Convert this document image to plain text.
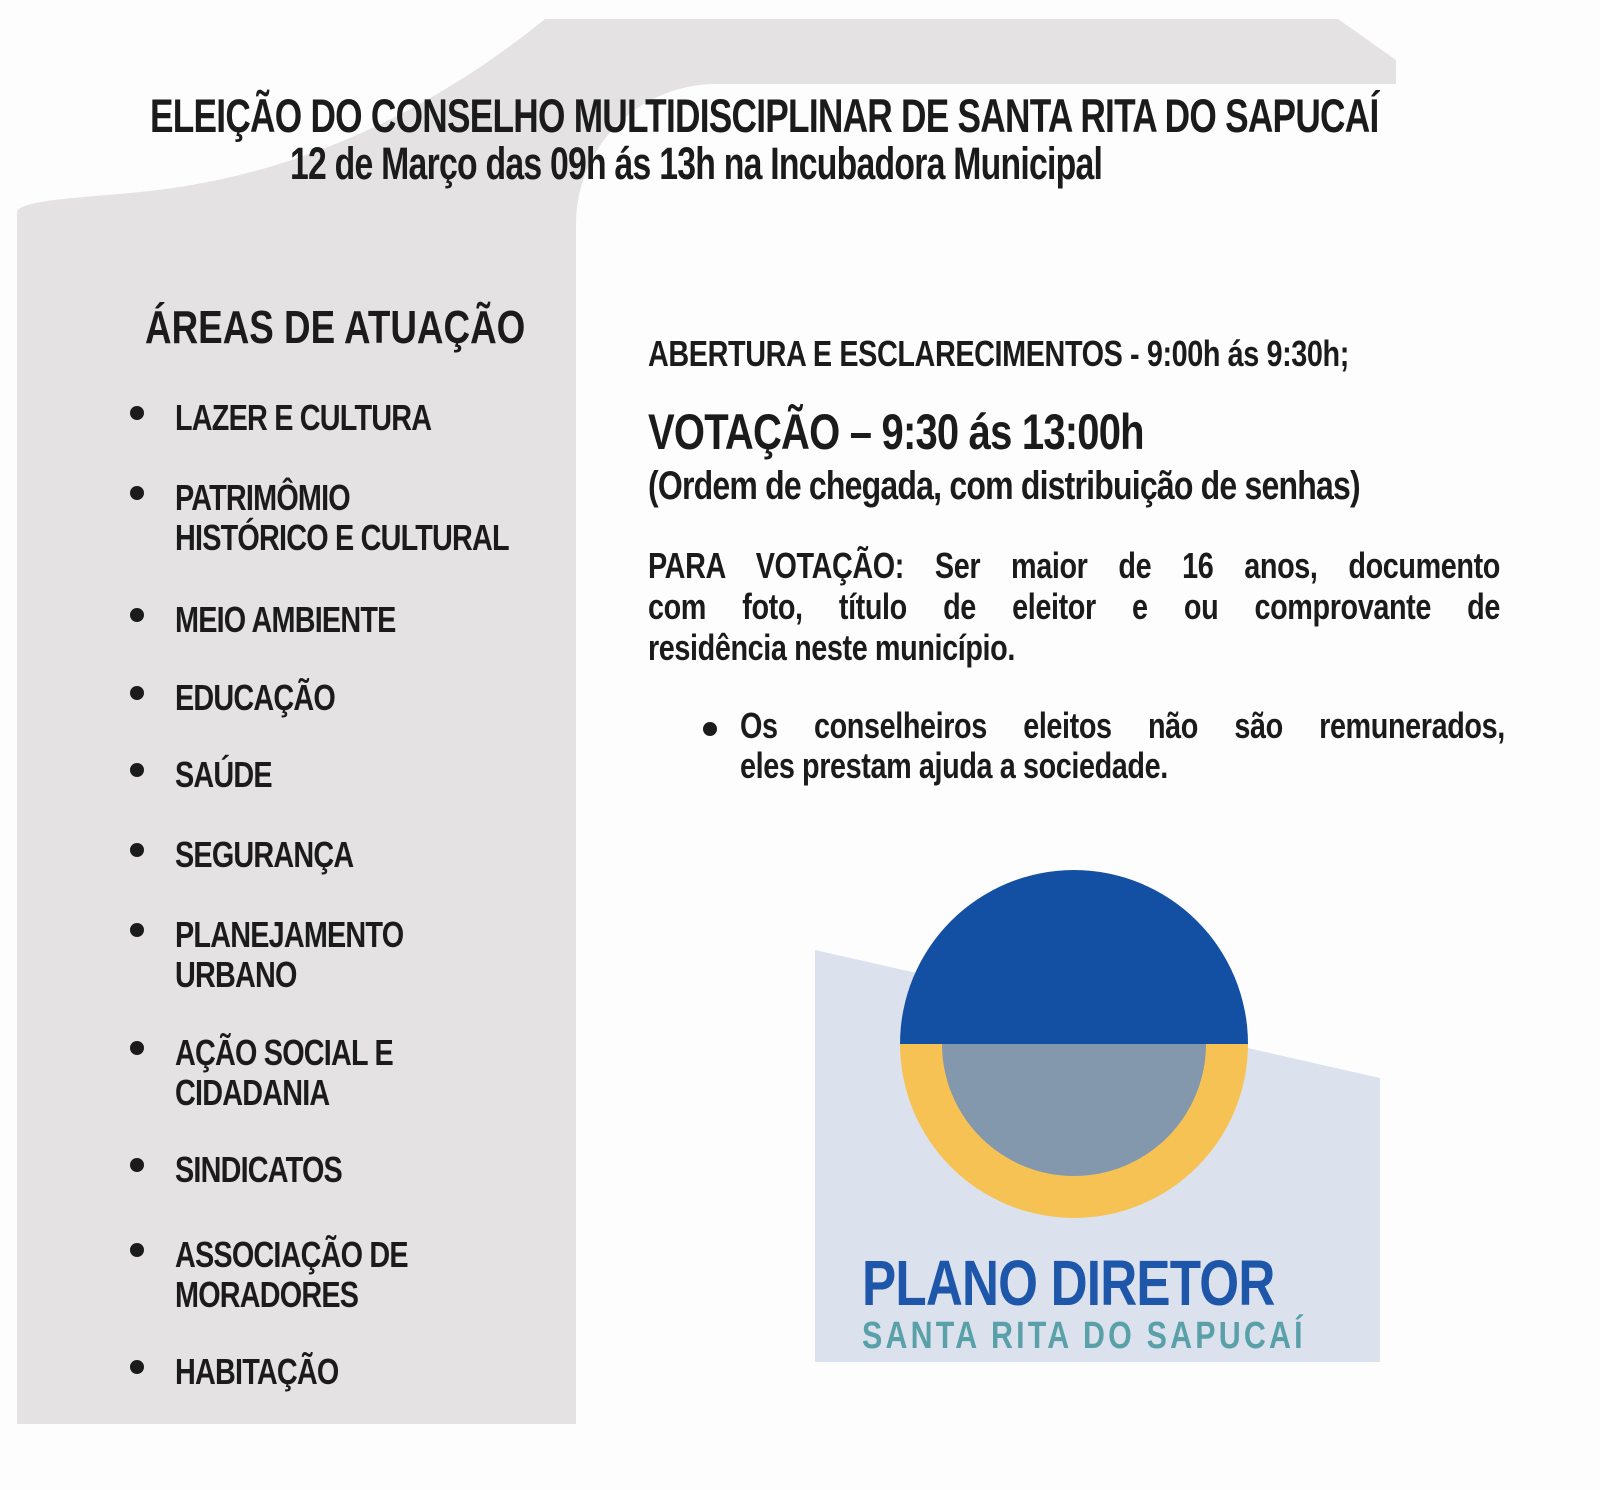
ELEIÇÃO DO CONSELHO MULTIDISCIPLINAR DE SANTA RITA DO SAPUCAÍ
12 de Março das 09h ás 13h na Incubadora Municipal
ÁREAS DE ATUAÇÃO
LAZER E CULTURA
PATRIMÔMIO
HISTÓRICO E CULTURAL
MEIO AMBIENTE
EDUCAÇÃO
SAÚDE
SEGURANÇA
PLANEJAMENTO
URBANO
AÇÃO SOCIAL E
CIDADANIA
SINDICATOS
ASSOCIAÇÃO DE
MORADORES
HABITAÇÃO
ABERTURA E ESCLARECIMENTOS - 9:00h ás 9:30h;
VOTAÇÃO – 9:30 ás 13:00h
(Ordem de chegada, com distribuição de senhas)
PARA VOTAÇÃO: Ser maior de 16 anos, documento
com foto, título de eleitor e ou comprovante de
residência neste município.
Os conselheiros eleitos não são remunerados,
eles prestam ajuda a sociedade.
PLANO DIRETOR
SANTA RITA DO SAPUCAÍ
